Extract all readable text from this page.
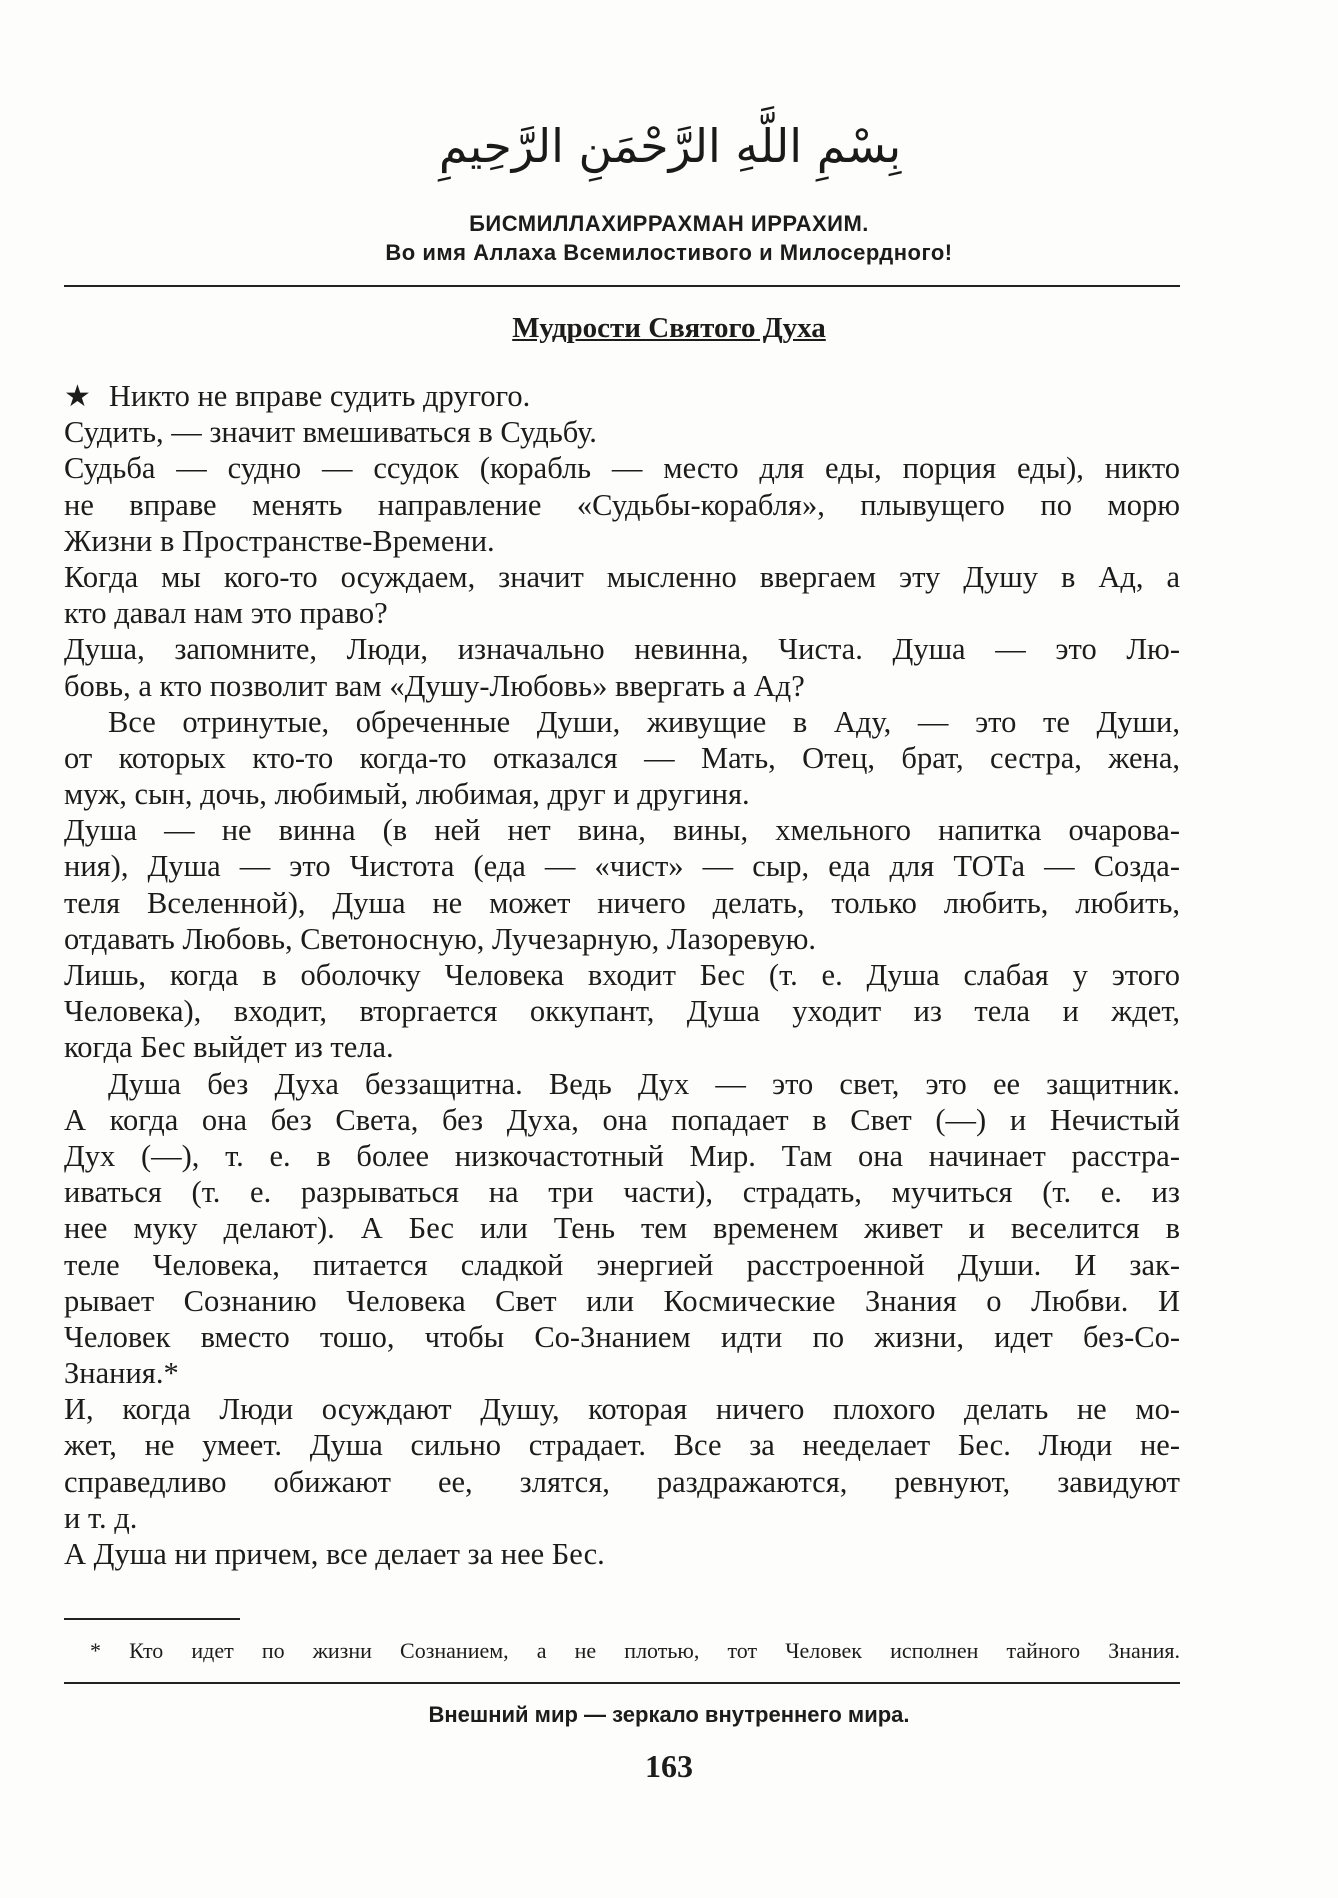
بِسْمِ اللَّهِ الرَّحْمَنِ الرَّحِيمِ
БИСМИЛЛАХИРРАХМАН ИРРАХИМ.
Во имя Аллаха Всемилостивого и Милосердного!
Мудрости Святого Духа
★ Никто не вправе судить другого.
Судить, — значит вмешиваться в Судьбу.
Судьба — судно — ссудок (корабль — место для еды, порция еды), никто
не вправе менять направление «Судьбы-корабля», плывущего по морю
Жизни в Пространстве-Времени.
Когда мы кого-то осуждаем, значит мысленно ввергаем эту Душу в Ад, а
кто давал нам это право?
Душа, запомните, Люди, изначально невинна, Чиста. Душа — это Лю-
бовь, а кто позволит вам «Душу-Любовь» ввергать а Ад?
Все отринутые, обреченные Души, живущие в Аду, — это те Души,
от которых кто-то когда-то отказался — Мать, Отец, брат, сестра, жена,
муж, сын, дочь, любимый, любимая, друг и другиня.
Душа — не винна (в ней нет вина, вины, хмельного напитка очарова-
ния), Душа — это Чистота (еда — «чист» — сыр, еда для ТОТа — Созда-
теля Вселенной), Душа не может ничего делать, только любить, любить,
отдавать Любовь, Светоносную, Лучезарную, Лазоревую.
Лишь, когда в оболочку Человека входит Бес (т. е. Душа слабая у этого
Человека), входит, вторгается оккупант, Душа уходит из тела и ждет,
когда Бес выйдет из тела.
Душа без Духа беззащитна. Ведь Дух — это свет, это ее защитник.
А когда она без Света, без Духа, она попадает в Свет (—) и Нечистый
Дух (—), т. е. в более низкочастотный Мир. Там она начинает расстра-
иваться (т. е. разрываться на три части), страдать, мучиться (т. е. из
нее муку делают). А Бес или Тень тем временем живет и веселится в
теле Человека, питается сладкой энергией расстроенной Души. И зак-
рывает Сознанию Человека Свет или Космические Знания о Любви. И
Человек вместо тошо, чтобы Со-Знанием идти по жизни, идет без-Со-
Знания.*
И, когда Люди осуждают Душу, которая ничего плохого делать не мо-
жет, не умеет. Душа сильно страдает. Все за нееделает Бес. Люди не-
справедливо обижают ее, злятся, раздражаются, ревнуют, завидуют
и т. д.
А Душа ни причем, все делает за нее Бес.
* Кто идет по жизни Сознанием, а не плотью, тот Человек исполнен тайного Знания.
Внешний мир — зеркало внутреннего мира.
163
